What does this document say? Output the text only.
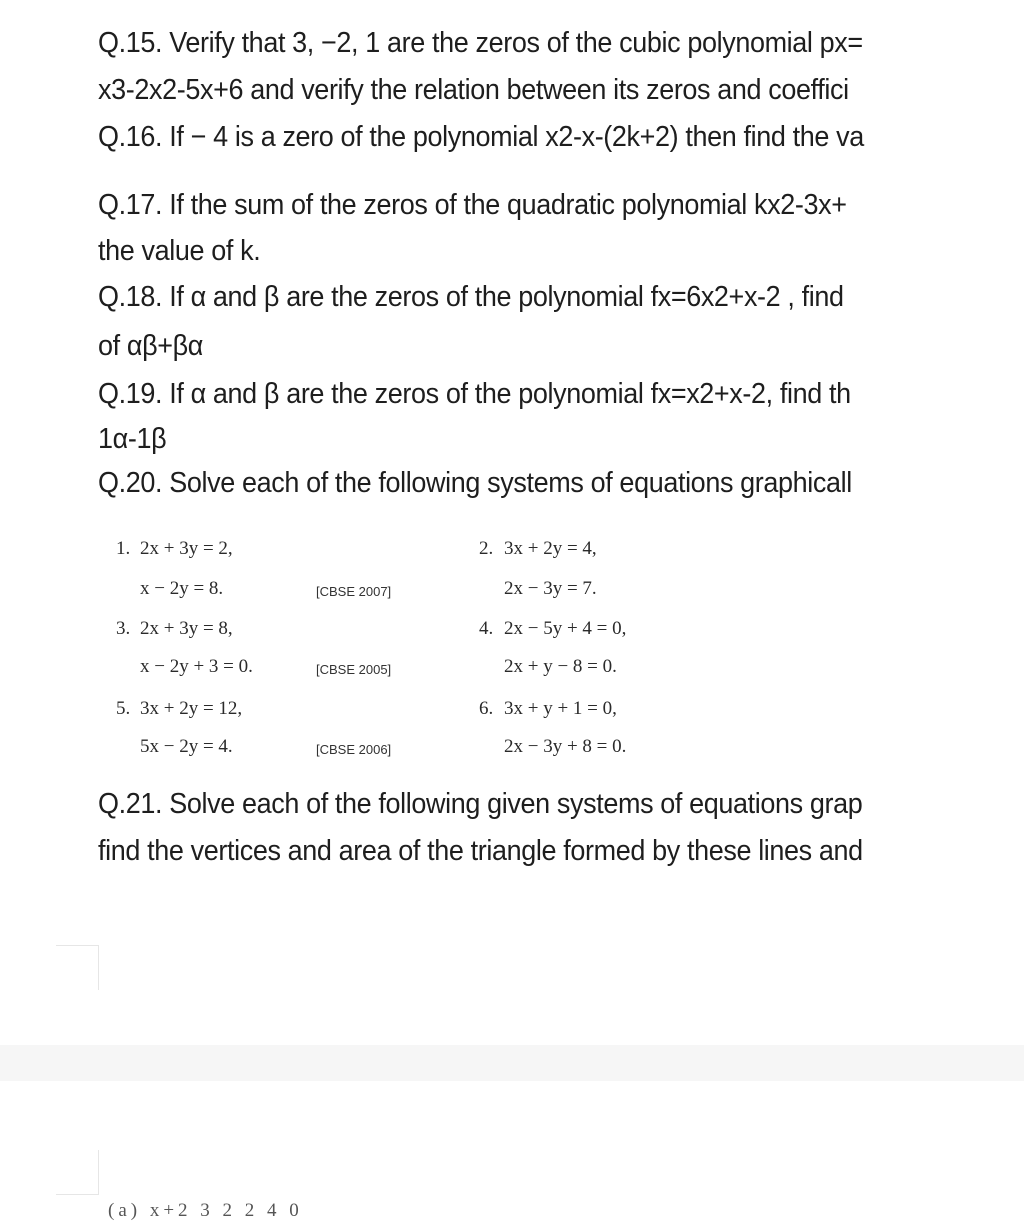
Q.15. Verify that 3, −2, 1 are the zeros of the cubic polynomial px=
x3-2x2-5x+6 and verify the relation between its zeros and coeffici
Q.16. If − 4 is a zero of the polynomial x2-x-(2k+2) then find the va
Q.17. If the sum of the zeros of the quadratic polynomial kx2-3x+
the value of k.
Q.18. If α and β are the zeros of the polynomial fx=6x2+x-2 , find
of αβ+βα
Q.19. If α and β are the zeros of the polynomial fx=x2+x-2, find th
1α-1β
Q.20. Solve each of the following systems of equations graphicall
1. 2x + 3y = 2,
x − 2y = 8.	[CBSE 2007]
2. 3x + 2y = 4,
2x − 3y = 7.
3. 2x + 3y = 8,
x − 2y + 3 = 0.	[CBSE 2005]
4. 2x − 5y + 4 = 0,
2x + y − 8 = 0.
5. 3x + 2y = 12,
5x − 2y = 4.	[CBSE 2006]
6. 3x + y + 1 = 0,
2x − 3y + 8 = 0.
Q.21. Solve each of the following given systems of equations grap
find the vertices and area of the triangle formed by these lines and
(a) x+2 3 2 2 4 0
